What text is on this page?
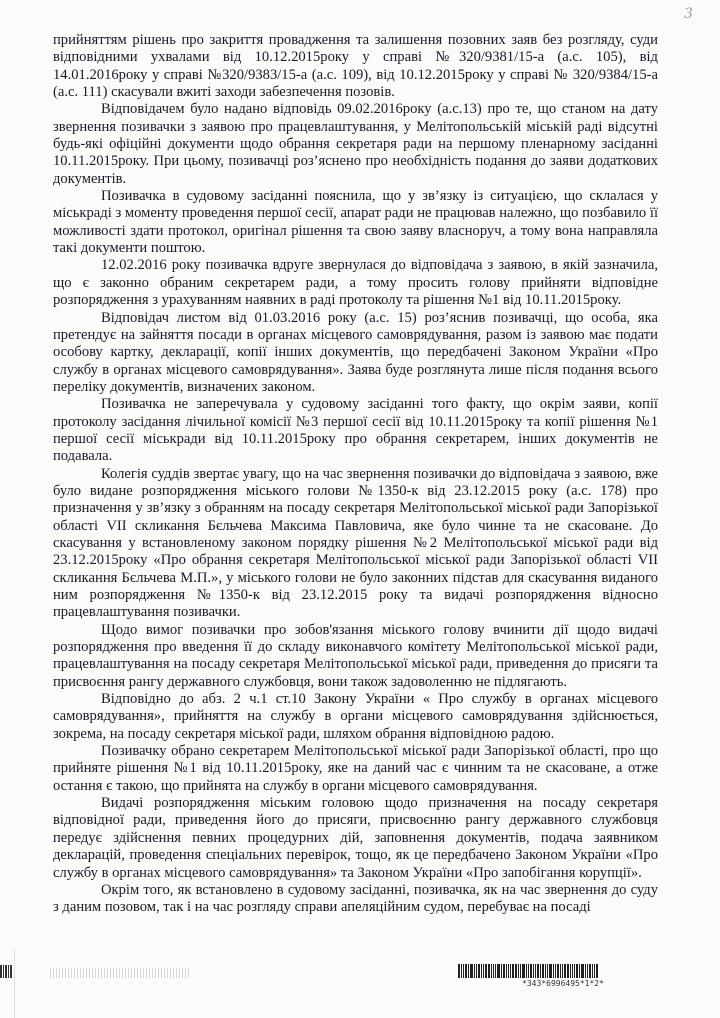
3

прийняттям рішень про закриття провадження та залишення позовних заяв без розгляду, суди відповідними ухвалами від 10.12.2015року у справі №320/9381/15-а (а.с. 105), від 14.01.2016року у справі №320/9383/15-а (а.с. 109), від 10.12.2015року у справі № 320/9384/15-а (а.с. 111) скасували вжиті заходи забезпечення позовів.

Відповідачем було надано відповідь 09.02.2016року (а.с.13) про те, що станом на дату звернення позивачки з заявою про працевлаштування, у Мелітопольській міській раді відсутні будь-які офіційні документи щодо обрання секретаря ради на першому пленарному засіданні 10.11.2015року. При цьому, позивачці роз’яснено про необхідність подання до заяви додаткових документів.

Позивачка в судовому засіданні пояснила, що у зв’язку із ситуацією, що склалася у міськраді з моменту проведення першої сесії, апарат ради не працював належно, що позбавило її можливості здати протокол, оригінал рішення та свою заяву власноруч, а тому вона направляла такі документи поштою.

12.02.2016 року позивачка вдруге звернулася до відповідача з заявою, в якій зазначила, що є законно обраним секретарем ради, а тому просить голову прийняти відповідне розпорядження з урахуванням наявних в раді протоколу та рішення №1 від 10.11.2015року.

Відповідач листом від 01.03.2016 року (а.с. 15) роз’яснив позивачці, що особа, яка претендує на зайняття посади в органах місцевого самоврядування, разом із заявою має подати особову картку, декларації, копії інших документів, що передбачені Законом України «Про службу в органах місцевого самоврядування». Заява буде розглянута лише після подання всього переліку документів, визначених законом.

Позивачка не заперечувала у судовому засіданні того факту, що окрім заяви, копії протоколу засідання лічильної комісії №3 першої сесії від 10.11.2015року та копії рішення №1 першої сесії міськради від 10.11.2015року про обрання секретарем, інших документів не подавала.

Колегія суддів звертає увагу, що на час звернення позивачки до відповідача з заявою, вже було видане розпорядження міського голови №1350-к від 23.12.2015 року (а.с. 178) про призначення у зв’язку з обранням на посаду секретаря Мелітопольської міської ради Запорізької області VII скликання Бєльчева Максима Павловича, яке було чинне та не скасоване. До скасування у встановленому законом порядку рішення №2 Мелітопольської міської ради від 23.12.2015року «Про обрання секретаря Мелітопольської міської ради Запорізької області VII скликання Бєльчева М.П.», у міського голови не було законних підстав для скасування виданого ним розпорядження №1350-к від 23.12.2015 року та видачі розпорядження відносно працевлаштування позивачки.

Щодо вимог позивачки про зобов'язання міського голову вчинити дії щодо видачі розпорядження про введення її до складу виконавчого комітету Мелітопольської міської ради, працевлаштування на посаду секретаря Мелітопольської міської ради, приведення до присяги та присвоєння рангу державного службовця, вони також задоволенню не підлягають.

Відповідно до абз. 2 ч.1 ст.10 Закону України « Про службу в органах місцевого самоврядування», прийняття на службу в органи місцевого самоврядування здійснюється, зокрема, на посаду секретаря міської ради, шляхом обрання відповідною радою.

Позивачку обрано секретарем Мелітопольської міської ради Запорізької області, про що прийняте рішення №1 від 10.11.2015року, яке на даний час є чинним та не скасоване, а отже остання є такою, що прийнята на службу в органи місцевого самоврядування.

Видачі розпорядження міським головою щодо призначення на посаду секретаря відповідної ради, приведення його до присяги, присвоєнню рангу державного службовця передує здійснення певних процедурних дій, заповнення документів, подача заявником декларацій, проведення спеціальних перевірок, тощо, як це передбачено Законом України «Про службу в органах місцевого самоврядування» та Законом України «Про запобігання корупції».

Окрім того, як встановлено в судовому засіданні, позивачка, як на час звернення до суду з даним позовом, так і на час розгляду справи апеляційним судом, перебуває на посаді

*343*6996495*1*2*
